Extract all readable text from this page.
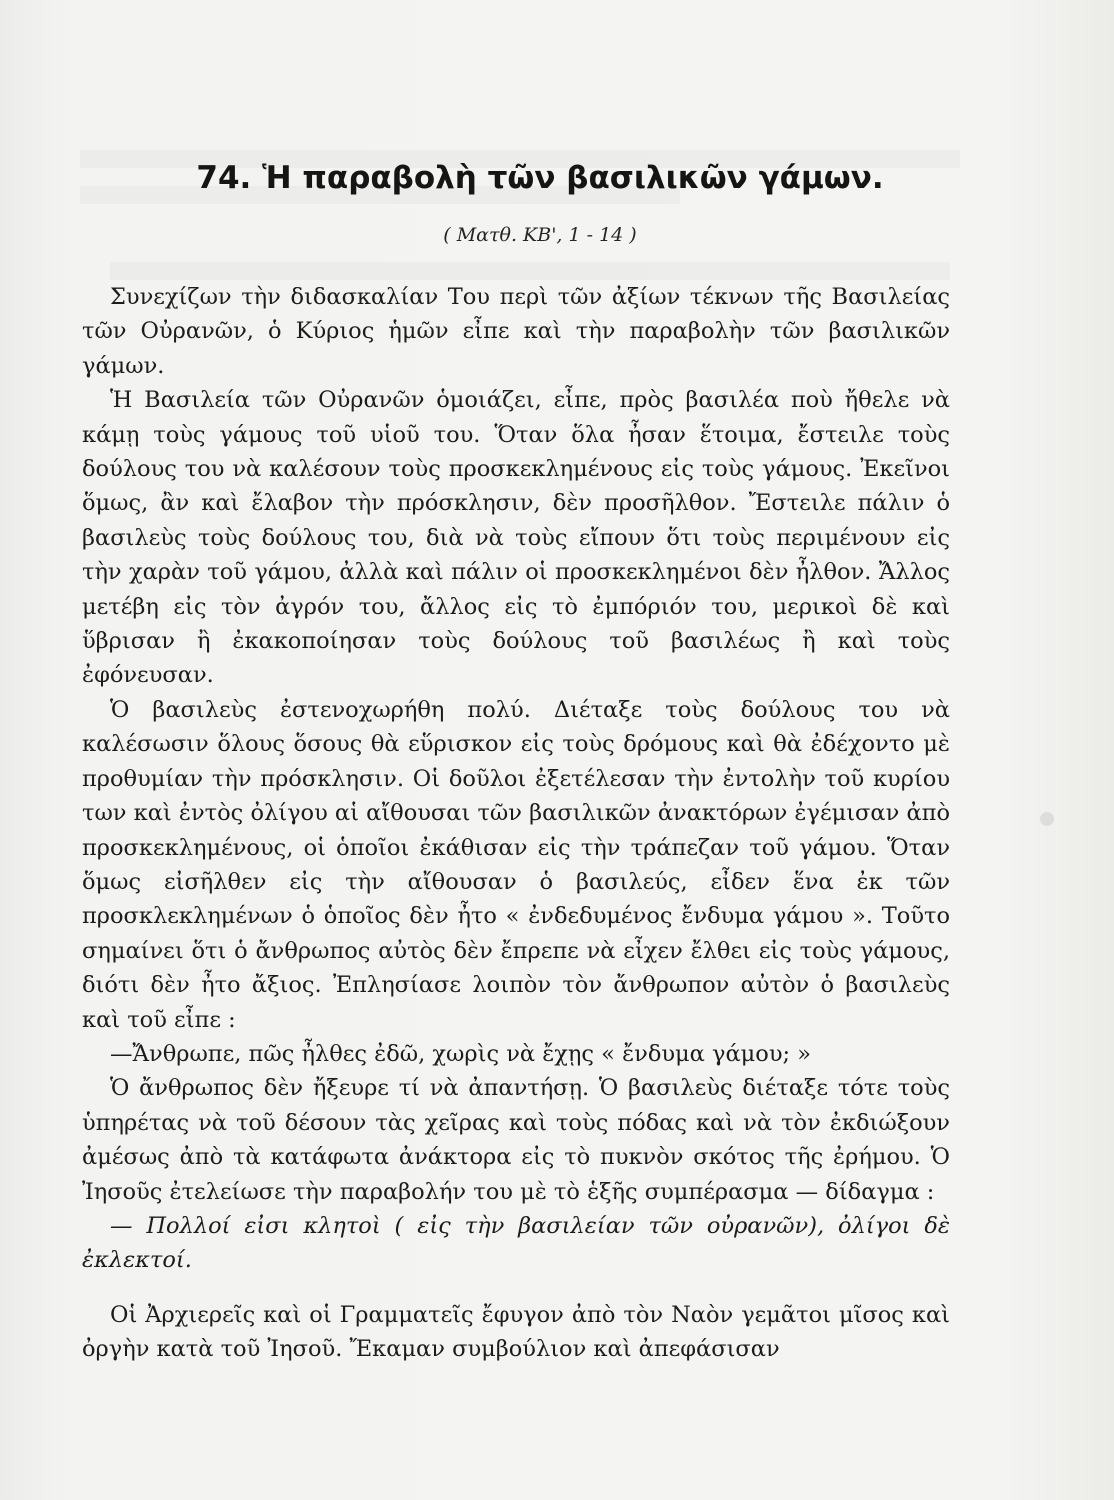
74. Ἡ παραβολὴ τῶν βασιλικῶν γάμων.
( Ματθ. ΚΒ', 1 - 14 )

Συνεχίζων τὴν διδασκαλίαν Του περὶ τῶν ἀξίων τέκνων τῆς Βασιλείας τῶν Οὐρανῶν, ὁ Κύριος ἡμῶν εἶπε καὶ τὴν παραβολὴν τῶν βασιλικῶν γάμων.

Ἡ Βασιλεία τῶν Οὐρανῶν ὁμοιάζει, εἶπε, πρὸς βασιλέα ποὺ ἤθελε νὰ κάμῃ τοὺς γάμους τοῦ υἱοῦ του. Ὅταν ὅλα ἦσαν ἕτοιμα, ἔστειλε τοὺς δούλους του νὰ καλέσουν τοὺς προσκεκλημένους εἰς τοὺς γάμους. Ἐκεῖνοι ὅμως, ἂν καὶ ἔλαβον τὴν πρόσκλησιν, δὲν προσῆλθον. Ἔστειλε πάλιν ὁ βασιλεὺς τοὺς δούλους του, διὰ νὰ τοὺς εἴπουν ὅτι τοὺς περιμένουν εἰς τὴν χαρὰν τοῦ γάμου, ἀλλὰ καὶ πάλιν οἱ προσκεκλημένοι δὲν ἦλθον. Ἄλλος μετέβη εἰς τὸν ἀγρόν του, ἄλλος εἰς τὸ ἐμπόριόν του, μερικοὶ δὲ καὶ ὕβρισαν ἢ ἐκακοποίησαν τοὺς δούλους τοῦ βασιλέως ἢ καὶ τοὺς ἐφόνευσαν.

Ὁ βασιλεὺς ἐστενοχωρήθη πολύ. Διέταξε τοὺς δούλους του νὰ καλέσωσιν ὅλους ὅσους θὰ εὕρισκον εἰς τοὺς δρόμους καὶ θὰ ἐδέχοντο μὲ προθυμίαν τὴν πρόσκλησιν. Οἱ δοῦλοι ἐξετέλεσαν τὴν ἐντολὴν τοῦ κυρίου των καὶ ἐντὸς ὀλίγου αἱ αἴθουσαι τῶν βασιλικῶν ἀνακτόρων ἐγέμισαν ἀπὸ προσκεκλημένους, οἱ ὁποῖοι ἐκάθισαν εἰς τὴν τράπεζαν τοῦ γάμου. Ὅταν ὅμως εἰσῆλθεν εἰς τὴν αἴθουσαν ὁ βασιλεύς, εἶδεν ἕνα ἐκ τῶν προσκλεκλημένων ὁ ὁποῖος δὲν ἦτο « ἐνδεδυμένος ἔνδυμα γάμου ». Τοῦτο σημαίνει ὅτι ὁ ἄνθρωπος αὐτὸς δὲν ἔπρεπε νὰ εἶχεν ἔλθει εἰς τοὺς γάμους, διότι δὲν ἦτο ἄξιος. Ἐπλησίασε λοιπὸν τὸν ἄνθρωπον αὐτὸν ὁ βασιλεὺς καὶ τοῦ εἶπε :

—Ἄνθρωπε, πῶς ἦλθες ἐδῶ, χωρὶς νὰ ἔχῃς « ἔνδυμα γάμου; »

Ὁ ἄνθρωπος δὲν ἤξευρε τί νὰ ἀπαντήσῃ. Ὁ βασιλεὺς διέταξε τότε τοὺς ὑπηρέτας νὰ τοῦ δέσουν τὰς χεῖρας καὶ τοὺς πόδας καὶ νὰ τὸν ἐκδιώξουν ἀμέσως ἀπὸ τὰ κατάφωτα ἀνάκτορα εἰς τὸ πυκνὸν σκότος τῆς ἐρήμου. Ὁ Ἰησοῦς ἐτελείωσε τὴν παραβολήν του μὲ τὸ ἑξῆς συμπέρασμα — δίδαγμα :

— Πολλοί εἰσι κλητοὶ ( εἰς τὴν βασιλείαν τῶν οὐρανῶν), ὀλίγοι δὲ ἐκλεκτοί.

Οἱ Ἀρχιερεῖς καὶ οἱ Γραμματεῖς ἔφυγον ἀπὸ τὸν Ναὸν γεμᾶτοι μῖσος καὶ ὀργὴν κατὰ τοῦ Ἰησοῦ. Ἔκαμαν συμβούλιον καὶ ἀπεφάσισαν
